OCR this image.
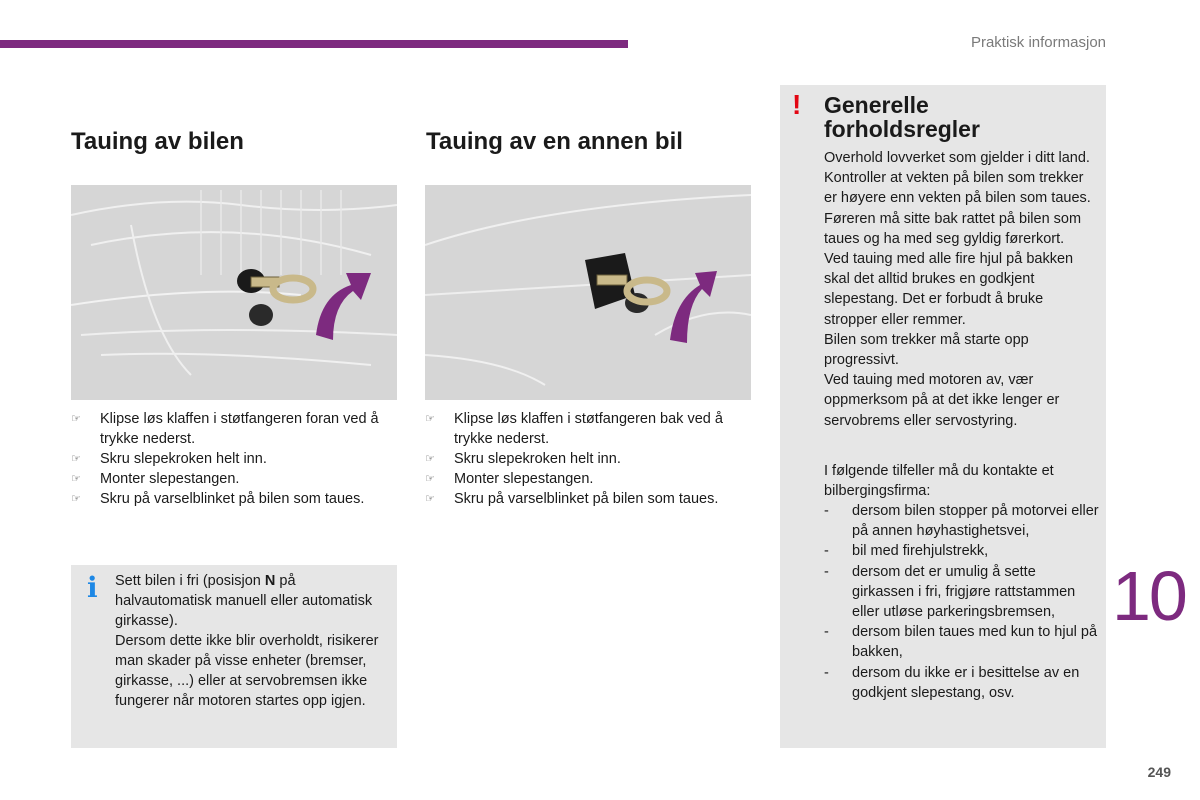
Praktisk informasjon
Tauing av bilen
☞ Klipse løs klaffen i støtfangeren foran ved å trykke nederst.
☞ Skru slepekroken helt inn.
☞ Monter slepestangen.
☞ Skru på varselblinket på bilen som taues.
Tauing av en annen bil
☞ Klipse løs klaffen i støtfangeren bak ved å trykke nederst.
☞ Skru slepekroken helt inn.
☞ Monter slepestangen.
☞ Skru på varselblinket på bilen som taues.
i Sett bilen i fri (posisjon N på halvautomatisk manuell eller automatisk girkasse).
Dersom dette ikke blir overholdt, risikerer man skader på visse enheter (bremser, girkasse, ...) eller at servobremsen ikke fungerer når motoren startes opp igjen.
! Generelle forholdsregler
Overhold lovverket som gjelder i ditt land.
Kontroller at vekten på bilen som trekker er høyere enn vekten på bilen som taues.
Føreren må sitte bak rattet på bilen som taues og ha med seg gyldig førerkort.
Ved tauing med alle fire hjul på bakken skal det alltid brukes en godkjent slepestang. Det er forbudt å bruke stropper eller remmer.
Bilen som trekker må starte opp progressivt.
Ved tauing med motoren av, vær oppmerksom på at det ikke lenger er servobrems eller servostyring.
I følgende tilfeller må du kontakte et bilbergingsfirma:
- dersom bilen stopper på motorvei eller på annen høyhastighetsvei,
- bil med firehjulstrekk,
- dersom det er umulig å sette girkassen i fri, frigjøre rattstammen eller utløse parkeringsbremsen,
- dersom bilen taues med kun to hjul på bakken,
- dersom du ikke er i besittelse av en godkjent slepestang, osv.
10
249
